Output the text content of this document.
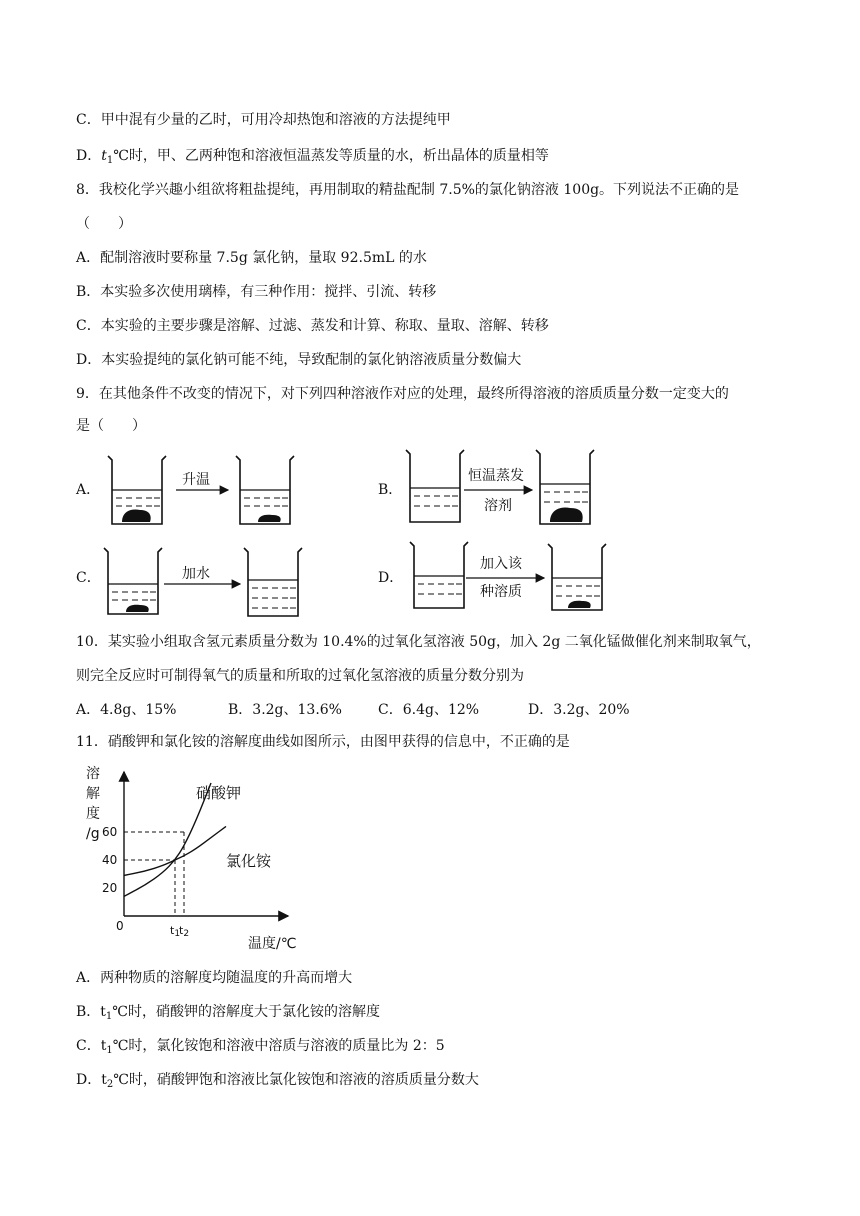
C．甲中混有少量的乙时，可用冷却热饱和溶液的方法提纯甲
D．$t_1℃$时，甲、乙两种饱和溶液恒温蒸发等质量的水，析出晶体的质量相等
8．我校化学兴趣小组欲将粗盐提纯，再用制取的精盐配制 7.5%的氯化钠溶液 100g。下列说法不正确的是
（　　）
A．配制溶液时要称量 7.5g 氯化钠，量取 92.5mL 的水
B．本实验多次使用璃棒，有三种作用：搅拌、引流、转移
C．本实验的主要步骤是溶解、过滤、蒸发和计算、称取、量取、溶解、转移
D．本实验提纯的氯化钠可能不纯，导致配制的氯化钠溶液质量分数偏大
9．在其他条件不改变的情况下，对下列四种溶液作对应的处理，最终所得溶液的溶质质量分数一定变大的
是（　　）
A．	B．
C．	D．
升温	恒温蒸发
溶剂
加水
加入该
种溶质
10．某实验小组取含氢元素质量分数为 10.4%的过氧化氢溶液 50g，加入 2g 二氧化锰做催化剂来制取氧气，
则完全反应时可制得氧气的质量和所取的过氧化氢溶液的质量分数分别为
A．4.8g、15%	B．3.2g、13.6%	C．6.4g、12%	D．3.2g、20%
11．硝酸钾和氯化铵的溶解度曲线如图所示，由图甲获得的信息中，不正确的是
溶
解
度
/g
0
20
40
60
t1
t2
温度/℃
硝酸钾
氯化铵
A．两种物质的溶解度均随温度的升高而增大
B．$t_1℃$时，硝酸钾的溶解度大于氯化铵的溶解度
C．$t_1℃$时，氯化铵饱和溶液中溶质与溶液的质量比为 2：5
D．$t_2℃$时，硝酸钾饱和溶液比氯化铵饱和溶液的溶质质量分数大
